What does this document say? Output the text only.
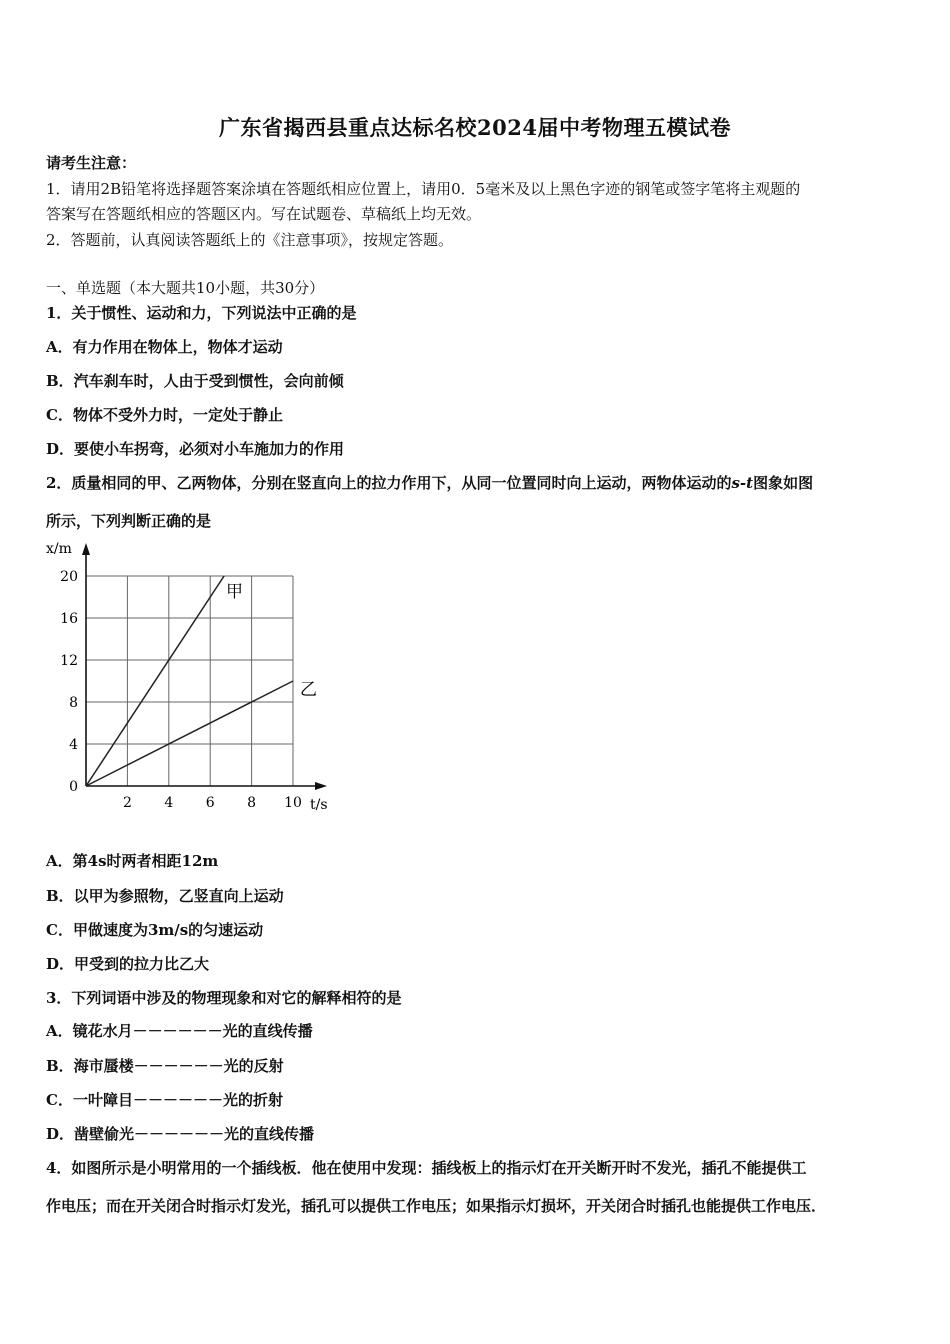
广东省揭西县重点达标名校2024届中考物理五模试卷
请考生注意：
1．请用2B铅笔将选择题答案涂填在答题纸相应位置上，请用0．5毫米及以上黑色字迹的钢笔或签字笔将主观题的
答案写在答题纸相应的答题区内。写在试题卷、草稿纸上均无效。
2．答题前，认真阅读答题纸上的《注意事项》，按规定答题。
一、单选题（本大题共10小题，共30分）
1．关于惯性、运动和力，下列说法中正确的是
A．有力作用在物体上，物体才运动
B．汽车刹车时，人由于受到惯性，会向前倾
C．物体不受外力时，一定处于静止
D．要使小车拐弯，必须对小车施加力的作用
2．质量相同的甲、乙两物体，分别在竖直向上的拉力作用下，从同一位置同时向上运动，两物体运动的s-t图象如图
所示，下列判断正确的是
0
4
8
12
16
20
2 4 6 8 10
x/m
t/s
甲
乙
A．第4s时两者相距12m
B．以甲为参照物，乙竖直向上运动
C．甲做速度为3m/s的匀速运动
D．甲受到的拉力比乙大
3．下列词语中涉及的物理现象和对它的解释相符的是
A．镜花水月－－－－－－光的直线传播
B．海市蜃楼－－－－－－光的反射
C．一叶障目－－－－－－光的折射
D．凿壁偷光－－－－－－光的直线传播
4．如图所示是小明常用的一个插线板．他在使用中发现：插线板上的指示灯在开关断开时不发光，插孔不能提供工
作电压；而在开关闭合时指示灯发光，插孔可以提供工作电压；如果指示灯损坏，开关闭合时插孔也能提供工作电压．
